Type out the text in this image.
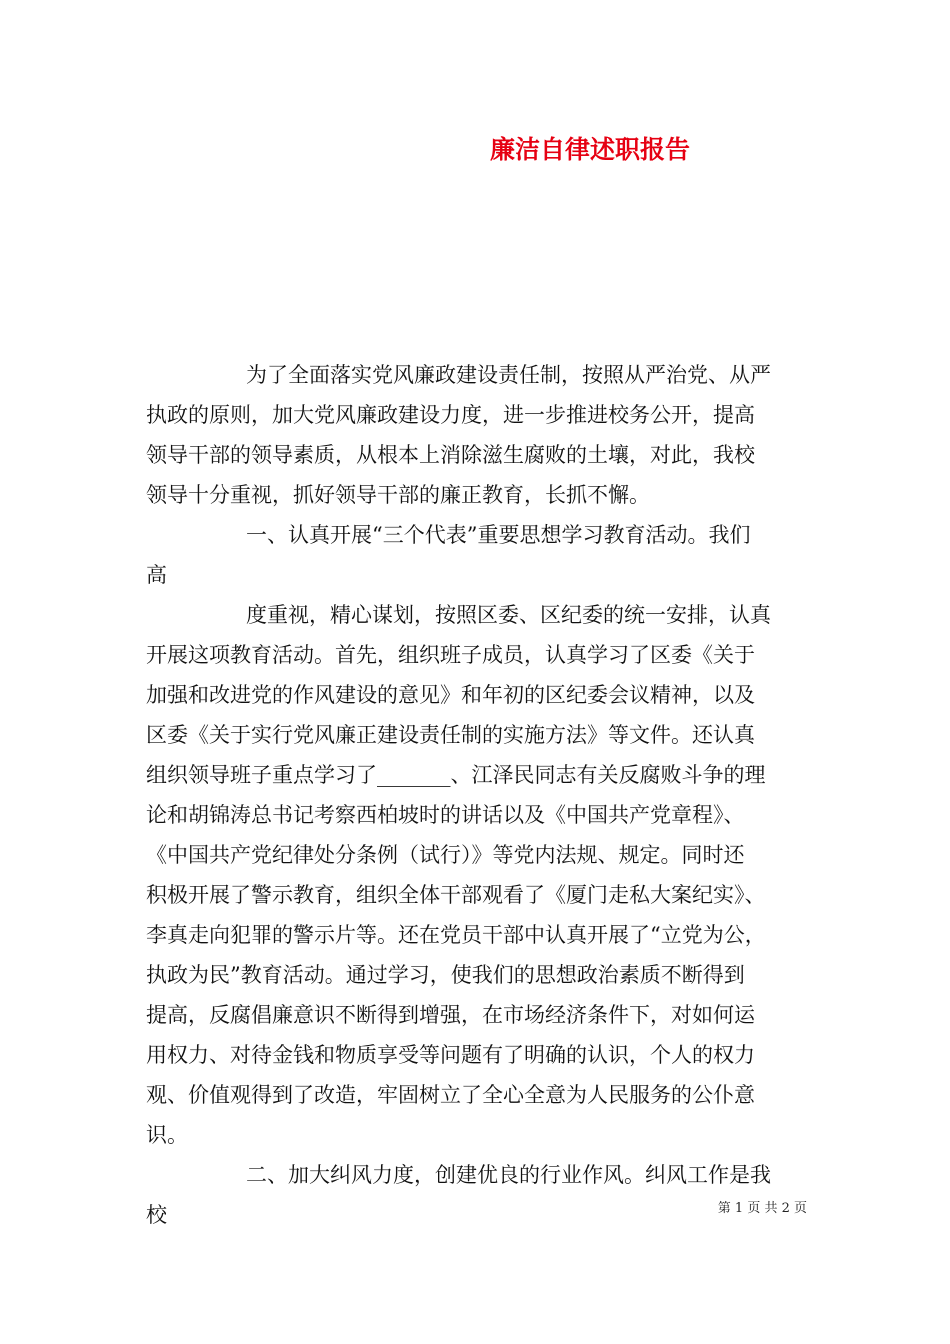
廉洁自律述职报告
为了全面落实党风廉政建设责任制，按照从严治党、从严
执政的原则，加大党风廉政建设力度，进一步推进校务公开，提高
领导干部的领导素质，从根本上消除滋生腐败的土壤，对此，我校
领导十分重视，抓好领导干部的廉正教育，长抓不懈。
一、认真开展“三个代表”重要思想学习教育活动。我们
高
度重视，精心谋划，按照区委、区纪委的统一安排，认真
开展这项教育活动。首先，组织班子成员，认真学习了区委《关于
加强和改进党的作风建设的意见》和年初的区纪委会议精神，以及
区委《关于实行党风廉正建设责任制的实施方法》等文件。还认真
组织领导班子重点学习了_______、江泽民同志有关反腐败斗争的理
论和胡锦涛总书记考察西柏坡时的讲话以及《中国共产党章程》、
《中国共产党纪律处分条例（试行）》等党内法规、规定。同时还
积极开展了警示教育，组织全体干部观看了《厦门走私大案纪实》、
李真走向犯罪的警示片等。还在党员干部中认真开展了“立党为公，
执政为民”教育活动。通过学习，使我们的思想政治素质不断得到
提高，反腐倡廉意识不断得到增强，在市场经济条件下，对如何运
用权力、对待金钱和物质享受等问题有了明确的认识，个人的权力
观、价值观得到了改造，牢固树立了全心全意为人民服务的公仆意
识。
二、加大纠风力度，创建优良的行业作风。纠风工作是我
校	第 1 页 共 2 页
